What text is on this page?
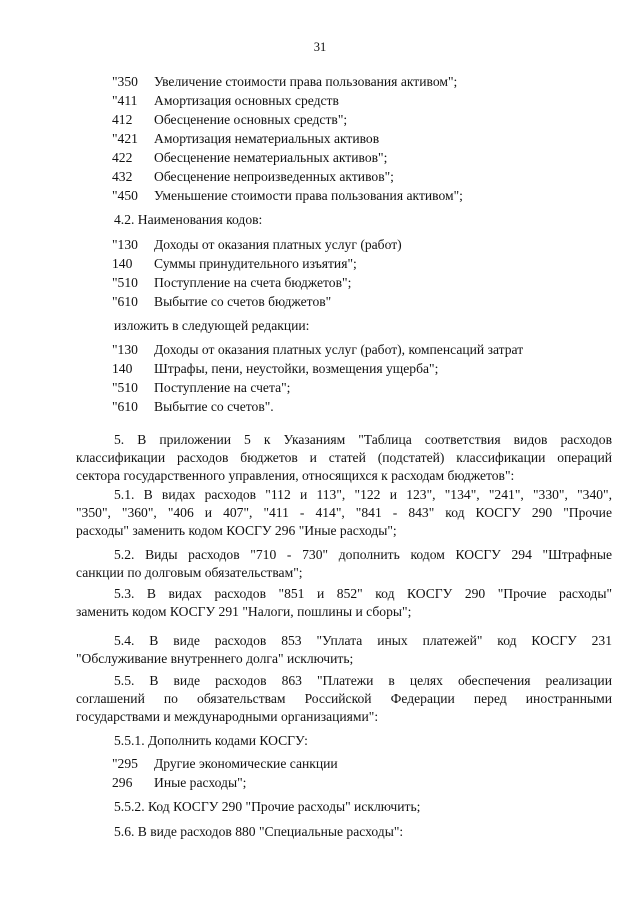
31
"350	Увеличение стоимости права пользования активом";
"411	Амортизация основных средств
412	Обесценение основных средств";
"421	Амортизация нематериальных активов
422	Обесценение нематериальных активов";
432	Обесценение непроизведенных активов";
"450	Уменьшение стоимости права пользования активом";
4.2. Наименования кодов:
"130	Доходы от оказания платных услуг (работ)
140	Суммы принудительного изъятия";
"510	Поступление на счета бюджетов";
"610	Выбытие со счетов бюджетов"
изложить в следующей редакции:
"130	Доходы от оказания платных услуг (работ), компенсаций затрат
140	Штрафы, пени, неустойки, возмещения ущерба";
"510	Поступление на счета";
"610	Выбытие со счетов".
5. В приложении 5 к Указаниям "Таблица соответствия видов расходов
классификации расходов бюджетов и статей (подстатей) классификации операций
сектора государственного управления, относящихся к расходам бюджетов":
5.1. В видах расходов "112 и 113", "122 и 123", "134", "241", "330", "340",
"350", "360", "406 и 407", "411 - 414", "841 - 843" код КОСГУ 290 "Прочие
расходы" заменить кодом КОСГУ 296 "Иные расходы";
5.2. Виды расходов "710 - 730" дополнить кодом КОСГУ 294 "Штрафные
санкции по долговым обязательствам";
5.3. В видах расходов "851 и 852" код КОСГУ 290 "Прочие расходы"
заменить кодом КОСГУ 291 "Налоги, пошлины и сборы";
5.4. В виде расходов 853 "Уплата иных платежей" код КОСГУ 231
"Обслуживание внутреннего долга" исключить;
5.5. В виде расходов 863 "Платежи в целях обеспечения реализации
соглашений по обязательствам Российской Федерации перед иностранными
государствами и международными организациями":
5.5.1. Дополнить кодами КОСГУ:
"295	Другие экономические санкции
296	Иные расходы";
5.5.2. Код КОСГУ 290 "Прочие расходы" исключить;
5.6. В виде расходов 880 "Специальные расходы":
